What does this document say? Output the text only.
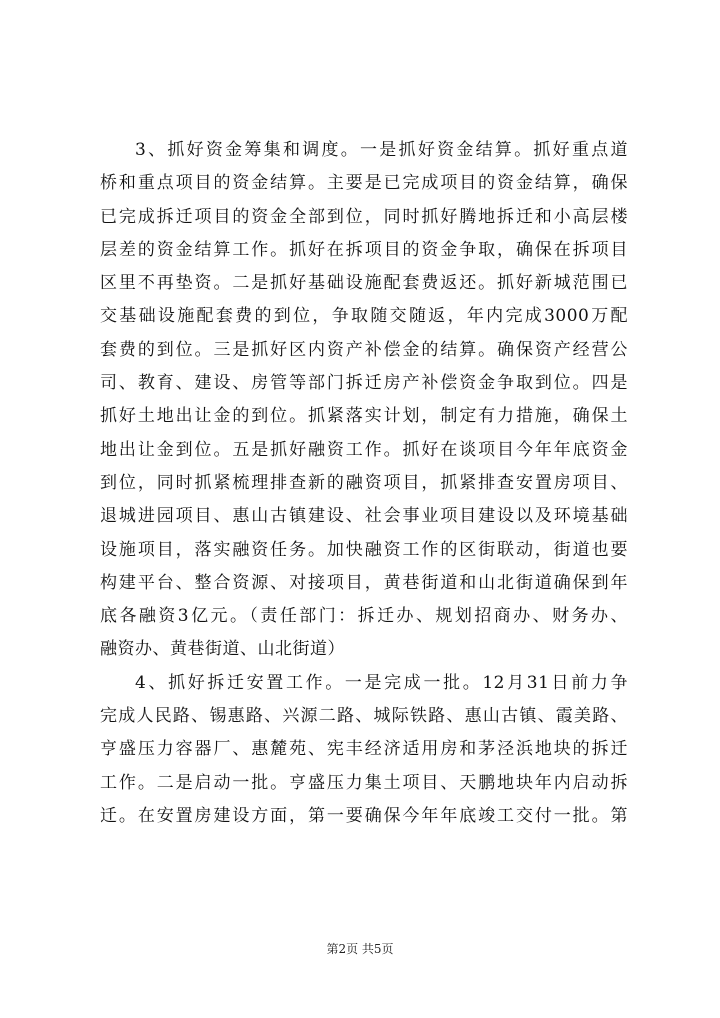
3、抓好资金筹集和调度。一是抓好资金结算。抓好重点道
桥和重点项目的资金结算。主要是已完成项目的资金结算，确保
已完成拆迁项目的资金全部到位，同时抓好腾地拆迁和小高层楼
层差的资金结算工作。抓好在拆项目的资金争取，确保在拆项目
区里不再垫资。二是抓好基础设施配套费返还。抓好新城范围已
交基础设施配套费的到位，争取随交随返，年内完成3000万配
套费的到位。三是抓好区内资产补偿金的结算。确保资产经营公
司、教育、建设、房管等部门拆迁房产补偿资金争取到位。四是
抓好土地出让金的到位。抓紧落实计划，制定有力措施，确保土
地出让金到位。五是抓好融资工作。抓好在谈项目今年年底资金
到位，同时抓紧梳理排查新的融资项目，抓紧排查安置房项目、
退城进园项目、惠山古镇建设、社会事业项目建设以及环境基础
设施项目，落实融资任务。加快融资工作的区街联动，街道也要
构建平台、整合资源、对接项目，黄巷街道和山北街道确保到年
底各融资3亿元。（责任部门：拆迁办、规划招商办、财务办、
融资办、黄巷街道、山北街道）
4、抓好拆迁安置工作。一是完成一批。12月31日前力争
完成人民路、锡惠路、兴源二路、城际铁路、惠山古镇、霞美路、
亨盛压力容器厂、惠麓苑、宪丰经济适用房和茅泾浜地块的拆迁
工作。二是启动一批。亨盛压力集土项目、天鹏地块年内启动拆
迁。在安置房建设方面，第一要确保今年年底竣工交付一批。第
第2页 共5页
